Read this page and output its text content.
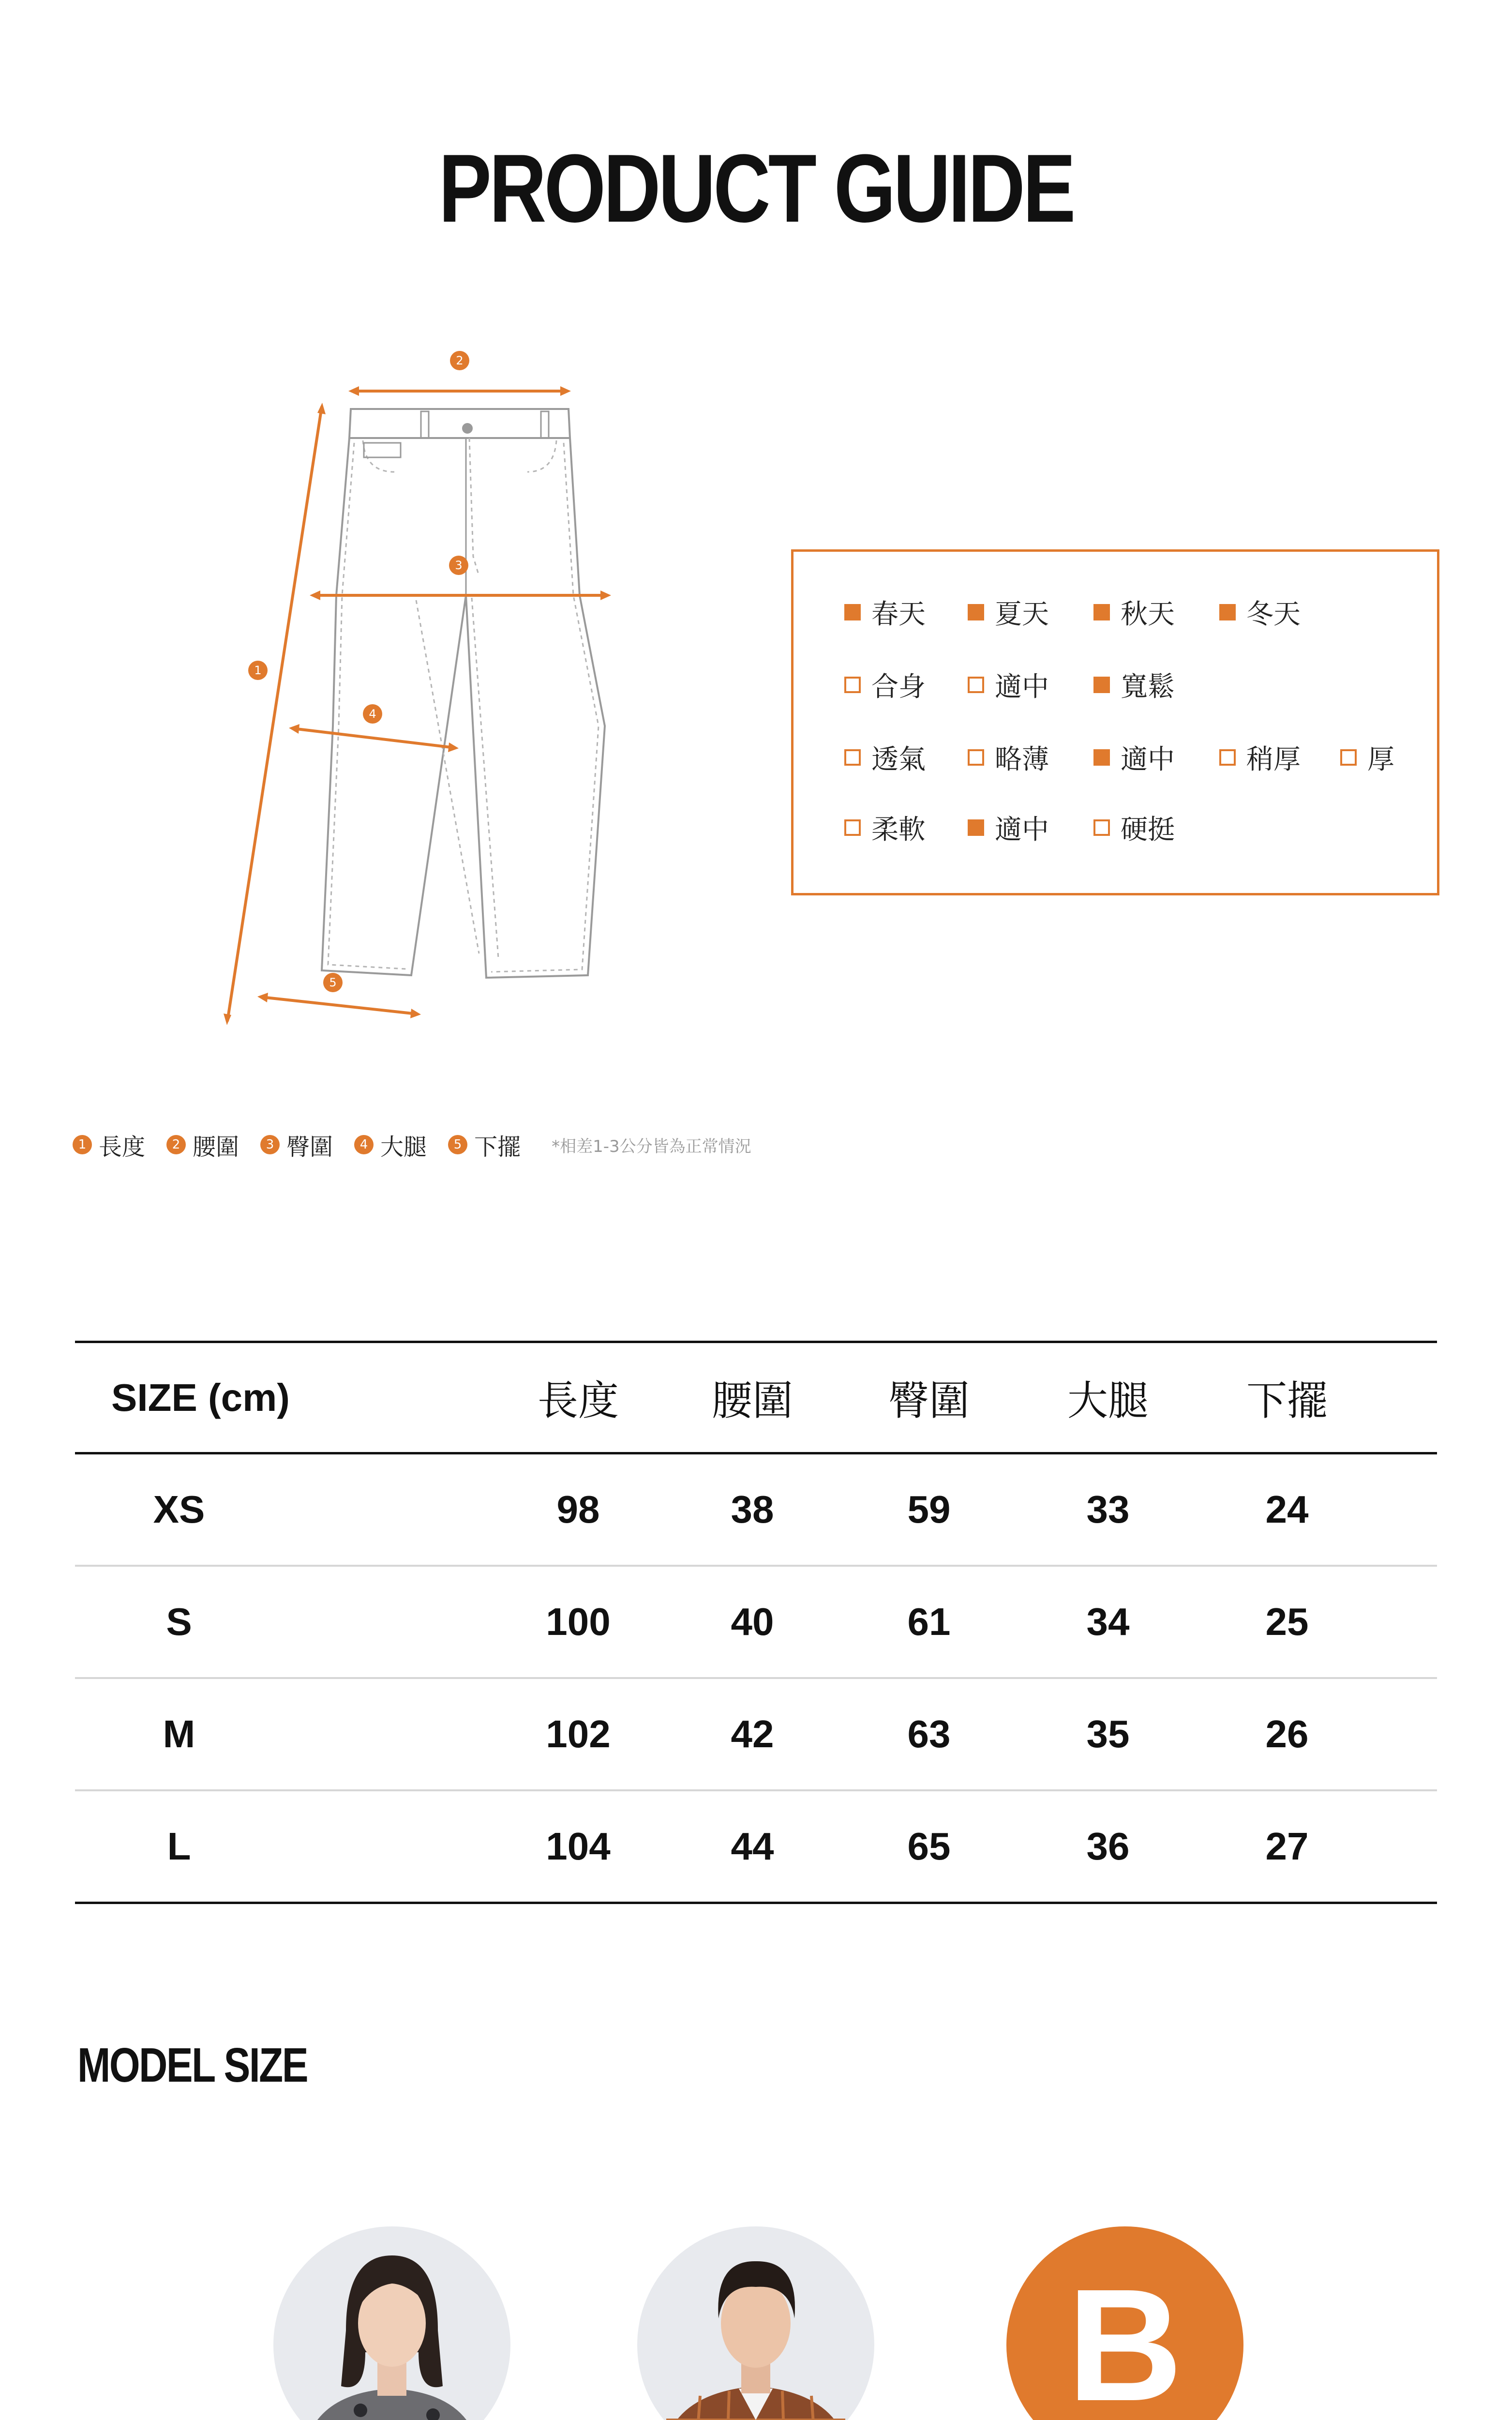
PRODUCT GUIDE
1
2
3
4
5
春天	夏天	秋天	冬天
合身	適中	寬鬆
透氣	略薄	適中	稍厚 厚
柔軟	適中	硬挺
1 長度	2 腰圍	3 臀圍	4 大腿	5 下擺 *相差1-3公分皆為正常情況
SIZE (cm)	長度	腰圍	臀圍	大腿	下擺
XS	98	38	59	33	24
S	100	40	61	34	25
M	102	42	63	35	26
L	104	44	65	36	27
MODEL SIZE
B
